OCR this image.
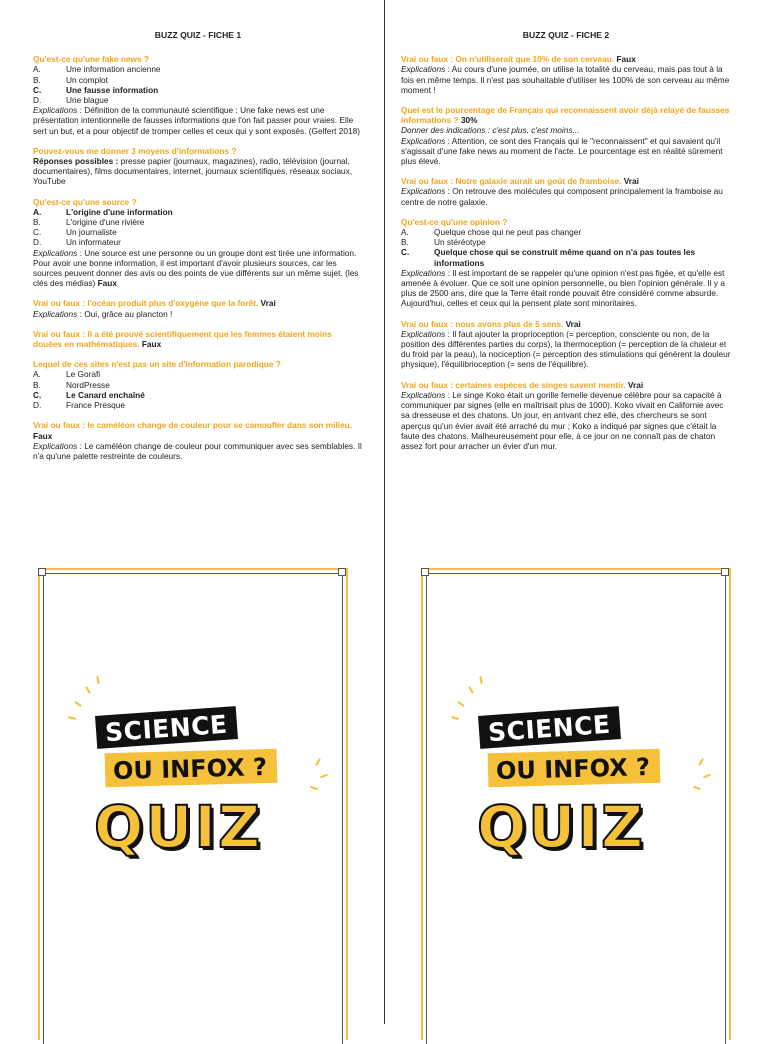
BUZZ QUIZ - FICHE 1
Qu'est-ce qu'une fake news ?
A.	Une information ancienne
B.	Un complot
C.	Une fausse information
D.	Une blague
Explications : Définition de la communauté scientifique : Une fake news est une présentation intentionnelle de fausses informations que l'on fait passer pour vraies. Elle sert un but, et a pour objectif de tromper celles et ceux qui y sont exposés. (Gelfert 2018)
Pouvez-vous me donner 3 moyens d'informations ?
Réponses possibles : presse papier (journaux, magazines), radio, télévision (journal, documentaires), films documentaires, internet, journaux scientifiques, réseaux sociaux, YouTube
Qu'est-ce qu'une source ?
A.	L'origine d'une information
B.	L'origine d'une rivière
C.	Un journaliste
D.	Un informateur
Explications : Une source est une personne ou un groupe dont est tirée une information. Pour avoir une bonne information, il est important d'avoir plusieurs sources, car les sources peuvent donner des avis ou des points de vue différents sur un même sujet. (les clés des médias) Faux
Vrai ou faux : l'océan produit plus d'oxygène que la forêt. Vrai
Explications : Oui, grâce au plancton !
Vrai ou faux : Il a été prouvé scientifiquement que les femmes étaient moins douées en mathématiques. Faux
Lequel de ces sites n'est pas un site d'information parodique ?
A.	Le Gorafi
B.	NordPresse
C.	Le Canard enchaîné
D.	France Presque
Vrai ou faux : le caméléon change de couleur pour se camoufler dans son milieu. Faux
Explications : Le caméléon change de couleur pour communiquer avec ses semblables. Il n'a qu'une palette restreinte de couleurs.
BUZZ QUIZ - FICHE 2
Vrai ou faux : On n'utiliserait que 10% de son cerveau. Faux
Explications : Au cours d'une journée, on utilise la totalité du cerveau, mais pas tout à la fois en même temps. Il n'est pas souhaitable d'utiliser les 100% de son cerveau au même moment !
Quel est le pourcentage de Français qui reconnaissent avoir déjà relayé de fausses informations ? 30%
Donner des indications : c'est plus, c'est moins...
Explications : Attention, ce sont des Français qui le "reconnaissent" et qui savaient qu'il s'agissait d'une fake news au moment de l'acte. Le pourcentage est en réalité sûrement plus élevé.
Vrai ou faux : Notre galaxie aurait un goût de framboise. Vrai
Explications : On retrouve des molécules qui composent principalement la framboise au centre de notre galaxie.
Qu'est-ce qu'une opinion ?
A.	Quelque chose qui ne peut pas changer
B.	Un stéréotype
C.	Quelque chose qui se construit même quand on n'a pas toutes les informations
Explications : Il est important de se rappeler qu'une opinion n'est pas figée, et qu'elle est amenée à évoluer. Que ce soit une opinion personnelle, ou bien l'opinion générale. Il y a plus de 2500 ans, dire que la Terre était ronde pouvait être considéré comme absurde. Aujourd'hui, celles et ceux qui la pensent plate sont minoritaires.
Vrai ou faux : nous avons plus de 5 sens. Vrai
Explications : Il faut ajouter la proprioception (= perception, consciente ou non, de la position des différentes parties du corps), la thermoception (= perception de la chaleur et du froid par la peau), la nociception (= perception des stimulations qui génèrent la douleur physique), l'équilibrioception (= sens de l'équilibre).
Vrai ou faux : certaines espèces de singes savent mentir. Vrai
Explications : Le singe Koko était un gorille femelle devenue célèbre pour sa capacité à communiquer par signes (elle en maîtrisait plus de 1000). Koko vivait en Californie avec sa dresseuse et des chatons. Un jour, en arrivant chez elle, des chercheurs se sont aperçus qu'un évier avait été arraché du mur ; Koko a indiqué par signes que c'était la faute des chatons. Malheureusement pour elle, à ce jour on ne connaît pas de chaton assez fort pour arracher un évier d'un mur.
SCIENCE
OU INFOX ?
QUIZ
SCIENCE
OU INFOX ?
QUIZ
